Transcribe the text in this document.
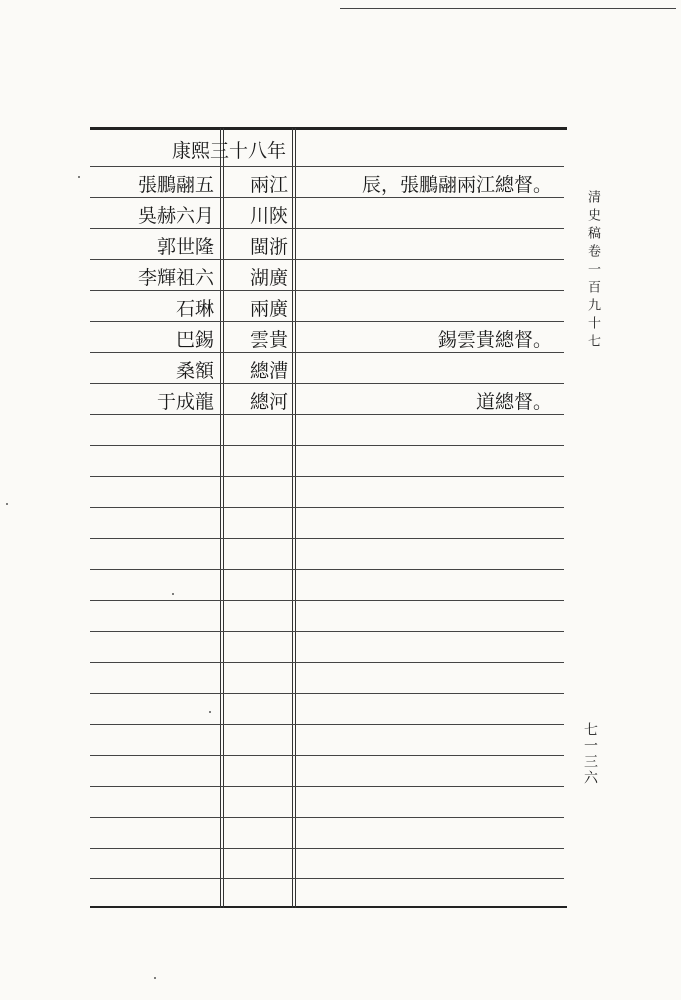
康熙三十八年
張鵬翮五	兩江	辰，張鵬翮兩江總督。
吳赫六月	川陝
郭世隆	閩浙
李輝祖六	湖廣
石琳	兩廣
巴錫	雲貴	錫雲貴總督。
桑額	總漕
于成龍	總河	道總督。
清史稿卷一百九十七
七一三六
